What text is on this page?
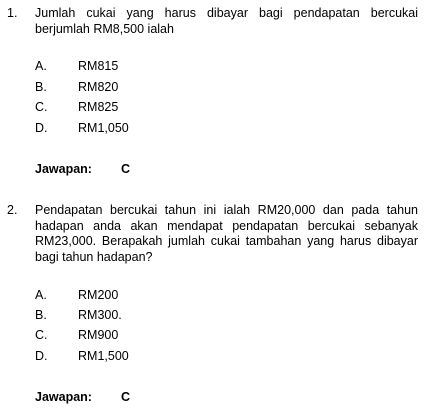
1. Jumlah cukai yang harus dibayar bagi pendapatan bercukai
berjumlah RM8,500 ialah
A. RM815
B. RM820
C. RM825
D. RM1,050
Jawapan: C
2. Pendapatan bercukai tahun ini ialah RM20,000 dan pada tahun
hadapan anda akan mendapat pendapatan bercukai sebanyak
RM23,000. Berapakah jumlah cukai tambahan yang harus dibayar
bagi tahun hadapan?
A. RM200
B. RM300.
C. RM900
D. RM1,500
Jawapan: C
